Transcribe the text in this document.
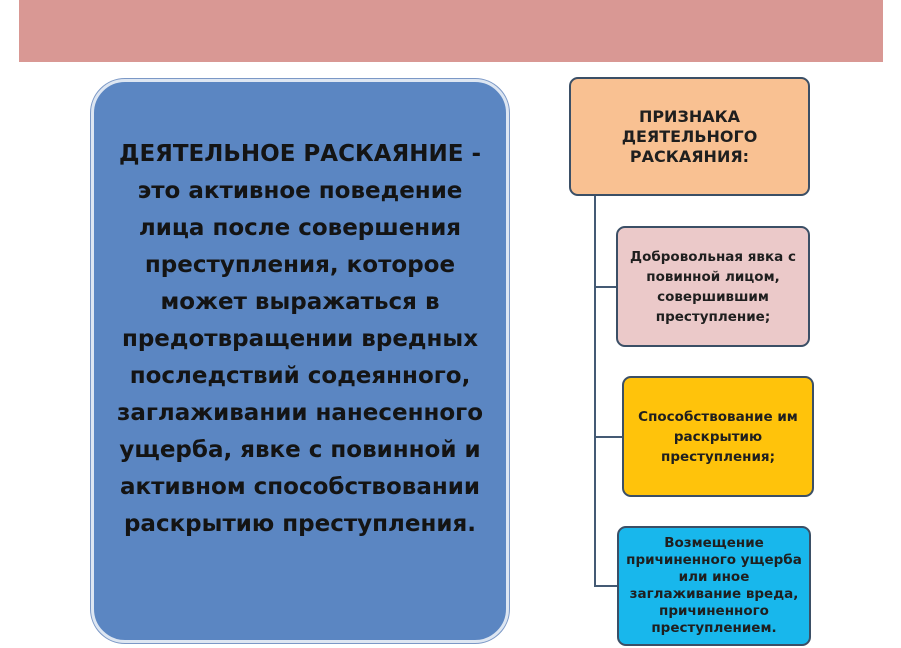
ДЕЯТЕЛЬНОЕ РАСКАЯНИЕ -
это активное поведение лица после совершения преступления, которое может выражаться в предотвращении вредных последствий содеянного, заглаживании нанесенного ущерба, явке с повинной и активном способствовании раскрытию преступления.
ПРИЗНАКА ДЕЯТЕЛЬНОГО РАСКАЯНИЯ:
Добровольная явка с повинной лицом, совершившим преступление;
Способствование им раскрытию преступления;
Возмещение причиненного ущерба или иное заглаживание вреда, причиненного преступлением.
